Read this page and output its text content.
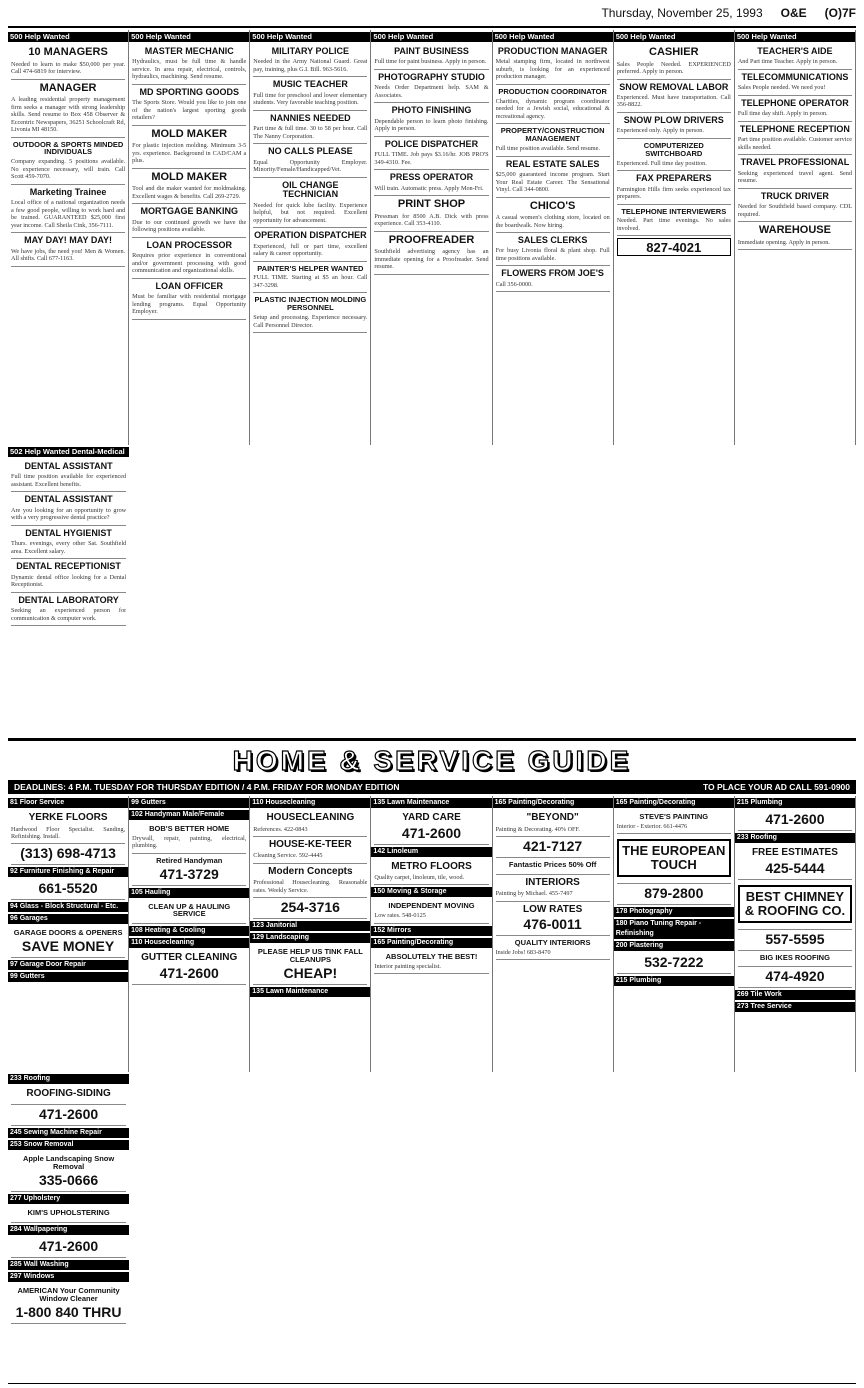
Thursday, November 25, 1993 O&E (O)7F
500 Help Wanted
10 MANAGERS
Needed to learn to make $50,000 per year. Call 474-6819 for interview.
MANAGER
A leading residential property management firm seeks a manager with strong leadership skills. Send resume to Box 458 Observer & Eccentric Newspapers, 36251 Schoolcraft Rd, Livonia MI 48150.
OUTDOOR & SPORTS MINDED INDIVIDUALS
Company expanding. 5 positions available. No experience necessary, will train. Call Scott 459-7070.
Marketing Trainee
Local office of a national organization needs a few good people, willing to work hard and be trained. GUARANTEED $25,000 first year income. Call Sheila Cink, 356-7111.
MAY DAY! MAY DAY!
We have jobs, the need you! Men & Women. All shifts. Call 677-1163.
500 Help Wanted
MASTER MECHANIC
Hydraulics, must be full time & handle service. In area repair, electrical, controls, hydraulics, machining. Send resume.
MD SPORTING GOODS
The Sports Store. Would you like to join one of the nation's largest sporting goods retailers?
MOLD MAKER
For plastic injection molding. Minimum 3-5 yrs. experience. Background in CAD/CAM a plus.
MOLD MAKER
Tool and die maker wanted for moldmaking. Excellent wages & benefits. Call 269-2729.
MORTGAGE BANKING
Due to our continued growth we have the following positions available.
LOAN PROCESSOR
Requires prior experience in conventional and/or government processing with good communication and organizational skills.
LOAN OFFICER
Must be familiar with residential mortgage lending programs. Equal Opportunity Employer.
500 Help Wanted
MILITARY POLICE
Needed in the Army National Guard. Great pay, training, plus G.I. Bill. 963-5616.
MUSIC TEACHER
Full time for preschool and lower elementary students. Very favorable teaching position.
NANNIES NEEDED
Part time & full time. 30 to 58 per hour. Call The Nanny Corporation.
NO CALLS PLEASE
Equal Opportunity Employer. Minority/Female/Handicapped/Vet.
OIL CHANGE TECHNICIAN
Needed for quick lube facility. Experience helpful, but not required. Excellent opportunity for advancement.
OPERATION DISPATCHER
Experienced, full or part time, excellent salary & career opportunity.
PAINTER'S HELPER WANTED
FULL TIME. Starting at $5 an hour. Call 347-3298.
PLASTIC INJECTION MOLDING PERSONNEL
Setup and processing. Experience necessary. Call Personnel Director.
500 Help Wanted
PAINT BUSINESS
Full time for paint business. Apply in person.
PHOTOGRAPHY STUDIO
Needs Order Department help. SAM & Associates.
PHOTO FINISHING
Dependable person to learn photo finishing. Apply in person.
POLICE DISPATCHER
FULL TIME. Job pays $3.16/hr. JOB PRO'S 349-4310. Fee.
PRESS OPERATOR
Will train. Automatic press. Apply Mon-Fri.
PRINT SHOP
Pressman for 8500 A.B. Dick with press experience. Call 353-4110.
PROOFREADER
Southfield advertising agency has an immediate opening for a Proofreader. Send resume.
500 Help Wanted
PRODUCTION MANAGER
Metal stamping firm, located in northwest suburb, is looking for an experienced production manager.
PRODUCTION COORDINATOR
Charities, dynamic program coordinator needed for a Jewish social, educational & recreational agency.
PROPERTY/CONSTRUCTION MANAGEMENT
Full time position available. Send resume.
REAL ESTATE SALES
$25,000 guaranteed income program. Start Your Real Estate Career. The Sensational Vinyl. Call 344-0800.
CHICO'S
A casual women's clothing store, located on the boardwalk. Now hiring.
SALES CLERKS
For busy Livonia floral & plant shop. Full time positions available.
FLOWERS FROM JOE'S
Call 356-0000.
500 Help Wanted
CASHIER
Sales People Needed. EXPERIENCED preferred. Apply in person.
SNOW REMOVAL LABOR
Experienced. Must have transportation. Call 356-8822.
SNOW PLOW DRIVERS
Experienced only. Apply in person.
COMPUTERIZED SWITCHBOARD
Experienced. Full time day position.
FAX PREPARERS
Farmington Hills firm seeks experienced tax preparers.
TELEPHONE INTERVIEWERS
Needed. Part time evenings. No sales involved.
827-4021
500 Help Wanted
TEACHER'S AIDE
And Part time Teacher. Apply in person.
TELECOMMUNICATIONS
Sales People needed. We need you!
TELEPHONE OPERATOR
Full time day shift. Apply in person.
TELEPHONE RECEPTION
Part time position available. Customer service skills needed.
TRAVEL PROFESSIONAL
Seeking experienced travel agent. Send resume.
TRUCK DRIVER
Needed for Southfield based company. CDL required.
WAREHOUSE
Immediate opening. Apply in person.
502 Help Wanted Dental-Medical
DENTAL ASSISTANT
Full time position available for experienced assistant. Excellent benefits.
DENTAL ASSISTANT
Are you looking for an opportunity to grow with a very progressive dental practice?
DENTAL HYGIENIST
Thurs. evenings, every other Sat. Southfield area. Excellent salary.
DENTAL RECEPTIONIST
Dynamic dental office looking for a Dental Receptionist.
DENTAL LABORATORY
Seeking an experienced person for communication & computer work.
HOME & SERVICE GUIDE
DEADLINES: 4 P.M. TUESDAY FOR THURSDAY EDITION / 4 P.M. FRIDAY FOR MONDAY EDITION	TO PLACE YOUR AD CALL 591-0900
81 Floor Service
YERKE FLOORS
Hardwood Floor Specialist. Sanding, Refinishing. Install.
(313) 698-4713
92 Furniture Finishing & Repair
661-5520
94 Glass - Block Structural - Etc.
96 Garages
GARAGE DOORS & OPENERS
SAVE MONEY
97 Garage Door Repair
99 Gutters
99 Gutters
102 Handyman Male/Female
BOB'S BETTER HOME
Drywall, repair, painting, electrical, plumbing.
Retired Handyman
471-3729
105 Hauling
CLEAN UP & HAULING SERVICE
108 Heating & Cooling
110 Housecleaning
GUTTER CLEANING
471-2600
110 Housecleaning
HOUSECLEANING
References. 422-0843
HOUSE-KE-TEER
Cleaning Service. 592-4445
Modern Concepts
Professional Housecleaning. Reasonable rates. Weekly Service.
254-3716
123 Janitorial
129 Landscaping
PLEASE HELP US TINK FALL CLEANUPS
CHEAP!
135 Lawn Maintenance
135 Lawn Maintenance
YARD CARE
471-2600
142 Linoleum
METRO FLOORS
Quality carpet, linoleum, tile, wood.
150 Moving & Storage
INDEPENDENT MOVING
Low rates. 548-0125
152 Mirrors
165 Painting/Decorating
ABSOLUTELY THE BEST!
Interior painting specialist.
165 Painting/Decorating
"BEYOND"
Painting & Decorating. 40% OFF.
421-7127
Fantastic Prices 50% Off
INTERIORS
Painting by Michael. 455-7497
LOW RATES
476-0011
QUALITY INTERIORS
Inside Jobs! 683-8470
165 Painting/Decorating
STEVE'S PAINTING
Interior - Exterior. 661-4476
THE EUROPEAN TOUCH
879-2800
178 Photography
180 Piano Tuning Repair - Refinishing
200 Plastering
532-7222
215 Plumbing
215 Plumbing
471-2600
233 Roofing
FREE ESTIMATES
425-5444
BEST CHIMNEY & ROOFING CO.
557-5595
BIG IKES ROOFING
474-4920
269 Tile Work
273 Tree Service
233 Roofing
ROOFING-SIDING
471-2600
245 Sewing Machine Repair
253 Snow Removal
Apple Landscaping Snow Removal
335-0666
277 Upholstery
KIM'S UPHOLSTERING
284 Wallpapering
471-2600
285 Wall Washing
297 Windows
AMERICAN Your Community Window Cleaner
1-800 840 THRU
